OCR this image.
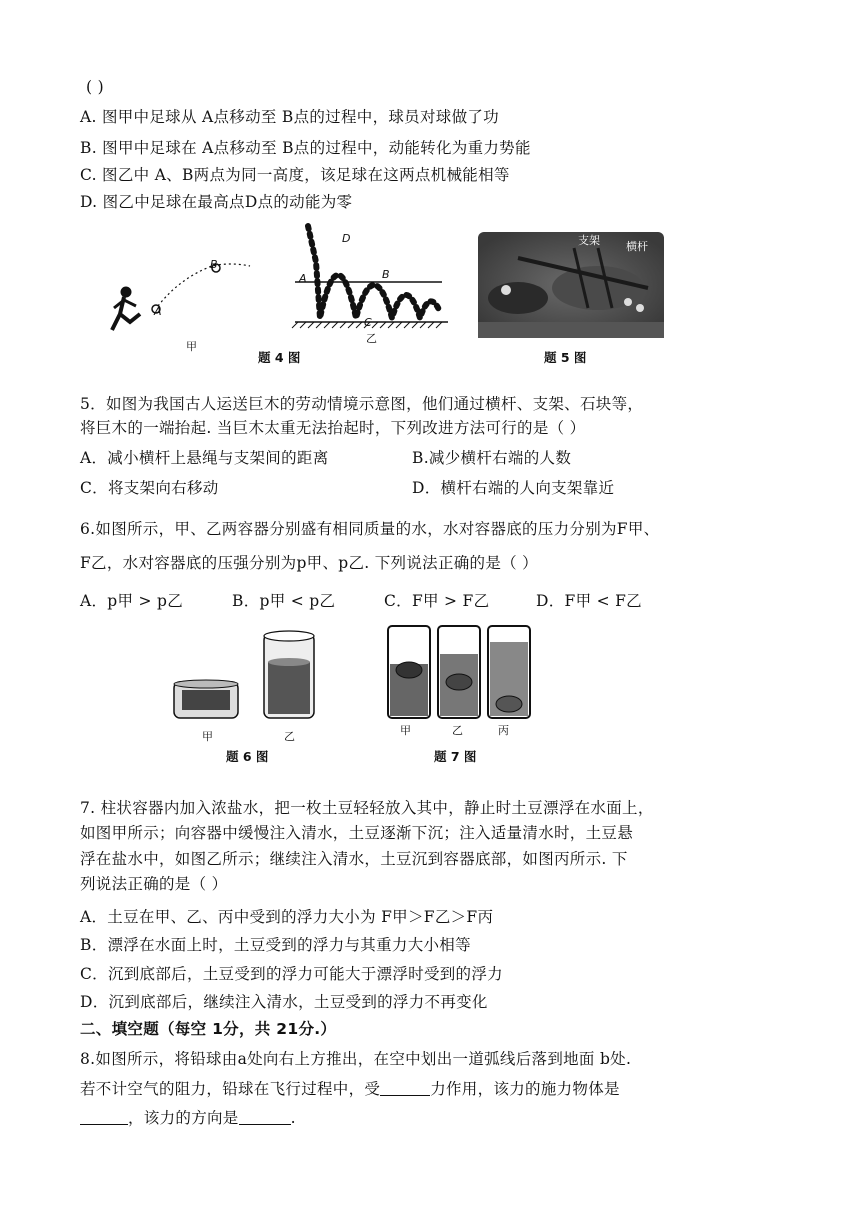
( )
A. 图甲中足球从 A点移动至 B点的过程中，球员对球做了功
B. 图甲中足球在 A点移动至 B点的过程中，动能转化为重力势能
C. 图乙中 A、B两点为同一高度，该足球在这两点机械能相等
D. 图乙中足球在最高点D点的动能为零
A
B
甲
A
D
B
C
乙
题 4 图
支架 横杆
题 5 图
5．如图为我国古人运送巨木的劳动情境示意图，他们通过横杆、支架、石块等，
将巨木的一端抬起. 当巨木太重无法抬起时，下列改进方法可行的是（ ）
A．减小横杆上悬绳与支架间的距离	B.减少横杆右端的人数
C．将支架向右移动	D．横杆右端的人向支架靠近
6.如图所示，甲、乙两容器分别盛有相同质量的水，水对容器底的压力分别为F甲、
F乙，水对容器底的压强分别为p甲、p乙. 下列说法正确的是（ ）
A．p甲 > p乙	B．p甲 < p乙	C．F甲 > F乙	D．F甲 < F乙
甲	乙
题 6 图
甲	乙	丙
题 7 图
7. 柱状容器内加入浓盐水，把一枚土豆轻轻放入其中，静止时土豆漂浮在水面上，
如图甲所示；向容器中缓慢注入清水，土豆逐渐下沉；注入适量清水时，土豆悬
浮在盐水中，如图乙所示；继续注入清水，土豆沉到容器底部，如图丙所示. 下
列说法正确的是（ ）
A．土豆在甲、乙、丙中受到的浮力大小为 F甲＞F乙＞F丙
B．漂浮在水面上时，土豆受到的浮力与其重力大小相等
C．沉到底部后，土豆受到的浮力可能大于漂浮时受到的浮力
D．沉到底部后，继续注入清水，土豆受到的浮力不再变化
二、填空题（每空 1分，共 21分.）
8.如图所示，将铅球由a处向右上方推出，在空中划出一道弧线后落到地面 b处.
若不计空气的阻力，铅球在飞行过程中，受	力作用，该力的施力物体是
，该力的方向是	.
